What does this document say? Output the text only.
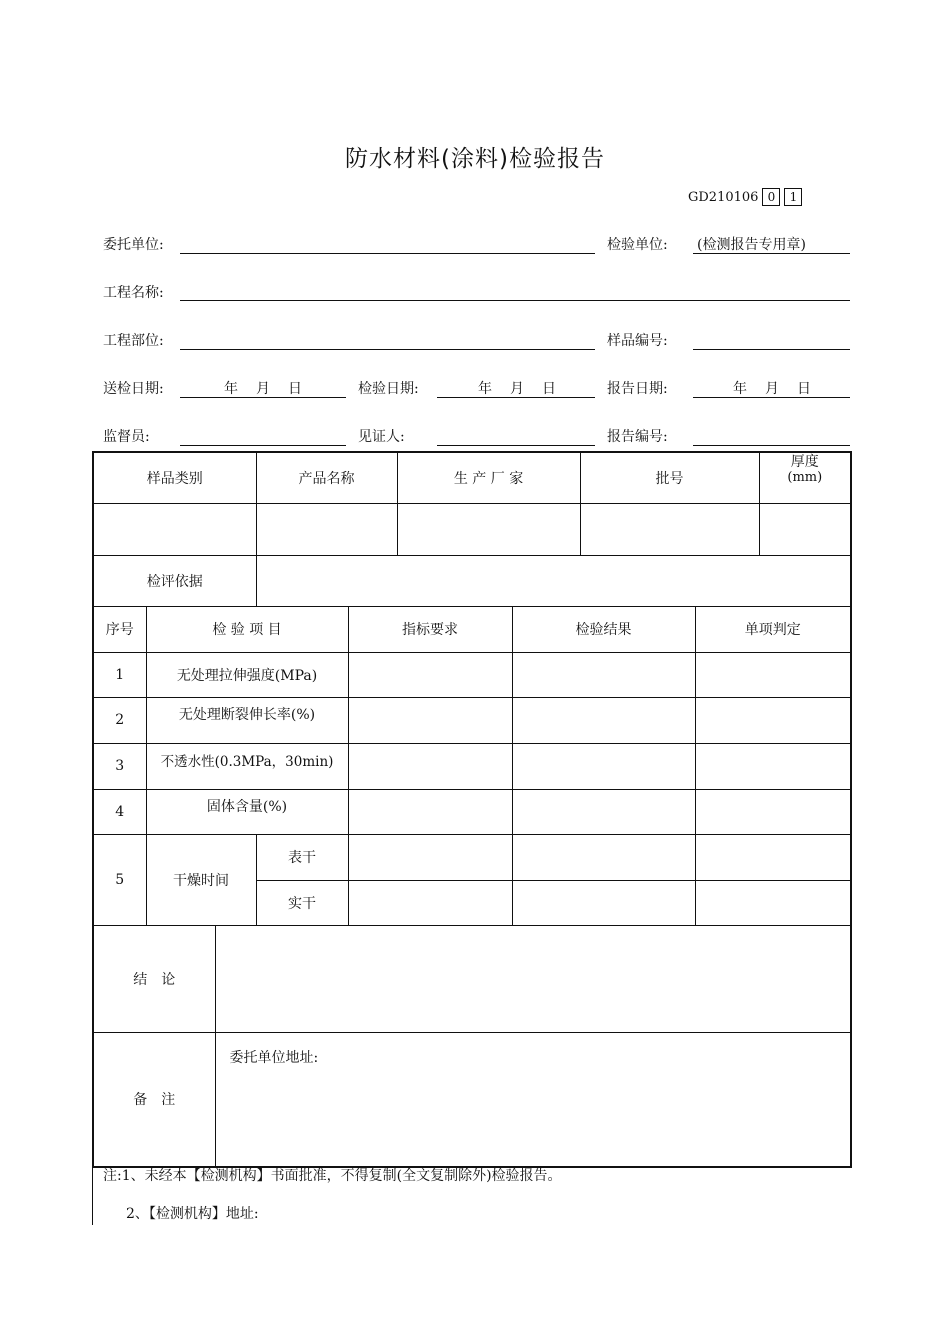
防水材料(涂料)检验报告
GD210106 0	1
委托单位:	检验单位: (检测报告专用章)
工程名称:
工程部位:	样品编号:
送检日期:	年 月 日	检验日期:	年 月 日	报告日期:	年 月 日
监督员:	见证人:	报告编号:
样品类别			产品名称		生 产 厂 家		批号		厚度
(mm)

检评依据									
序号	检 验 项 目			指标要求		检验结果		单项判定	
1	无处理拉伸强度(MPa)								
2	无处理断裂伸长率(%)								
3	不透水性(0.3MPa，30min)								
4	固体含量(%)								
5	干燥时间		表干						
			实干						
结　论									
备　注		委托单位地址:							
注:1、未经本【检测机构】书面批准，不得复制(全文复制除外)检验报告。
2、【检测机构】地址:
